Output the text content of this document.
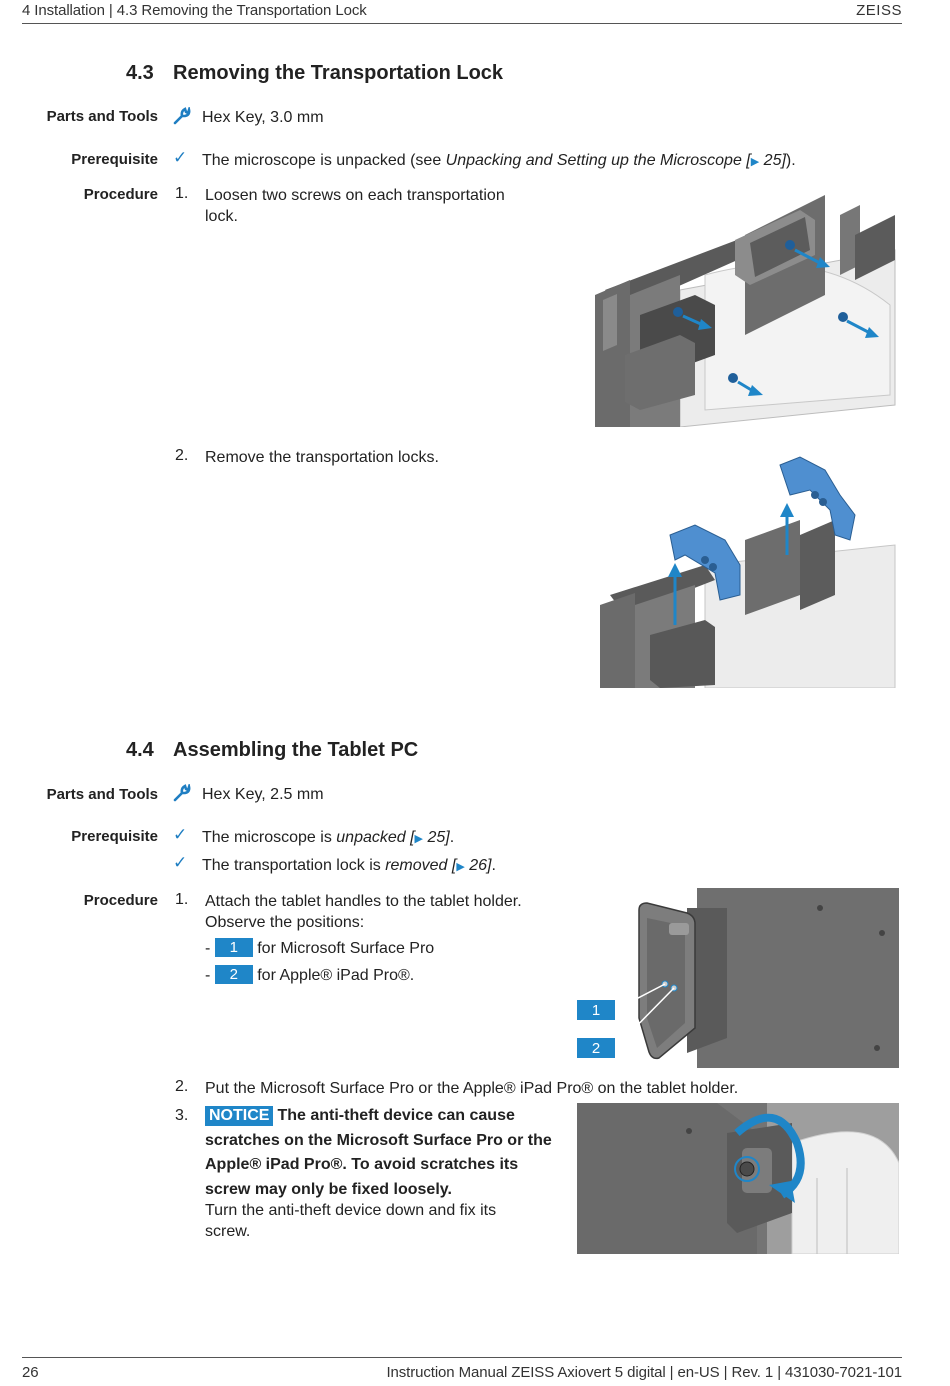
4 Installation | 4.3 Removing the Transportation Lock	ZEISS
4.3 Removing the Transportation Lock
Parts and Tools	Hex Key, 3.0 mm
Prerequisite ✓ The microscope is unpacked (see Unpacking and Setting up the Microscope [▶ 25]).
Procedure 1. Loosen two screws on each transportation lock.
2. Remove the transportation locks.
4.4 Assembling the Tablet PC
Parts and Tools	Hex Key, 2.5 mm
Prerequisite ✓ The microscope is unpacked [▶ 25].
✓ The transportation lock is removed [▶ 26].
Procedure 1. Attach the tablet handles to the tablet holder.
Observe the positions:
- 1 for Microsoft Surface Pro
- 2 for Apple® iPad Pro®.
1
2
2. Put the Microsoft Surface Pro or the Apple® iPad Pro® on the tablet holder.
3. NOTICE The anti-theft device can cause scratches on the Microsoft Surface Pro or the Apple® iPad Pro®. To avoid scratches its screw may only be fixed loosely.
Turn the anti-theft device down and fix its screw.
26	Instruction Manual ZEISS Axiovert 5 digital | en-US | Rev. 1 | 431030-7021-101
